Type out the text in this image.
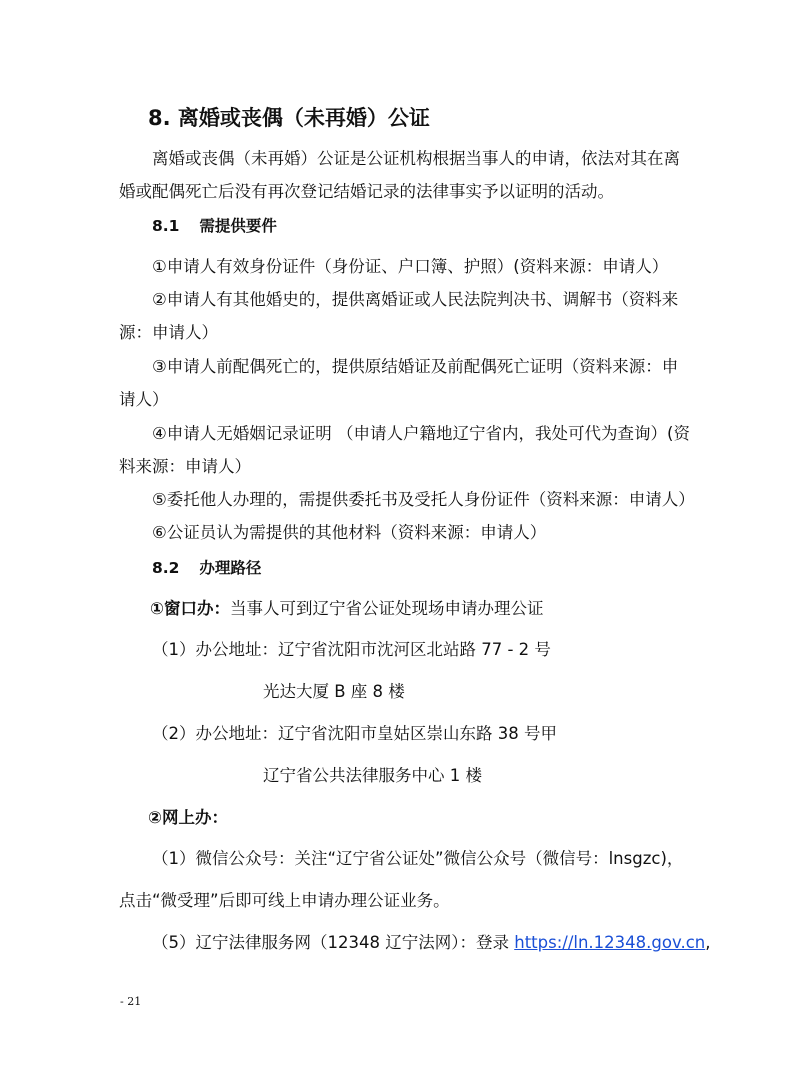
8. 离婚或丧偶（未再婚）公证
离婚或丧偶（未再婚）公证是公证机构根据当事人的申请，依法对其在离
婚或配偶死亡后没有再次登记结婚记录的法律事实予以证明的活动。
8.1 需提供要件
①申请人有效身份证件（身份证、户口簿、护照）(资料来源：申请人）
②申请人有其他婚史的，提供离婚证或人民法院判决书、调解书（资料来
源：申请人）
③申请人前配偶死亡的，提供原结婚证及前配偶死亡证明（资料来源：申
请人）
④申请人无婚姻记录证明 （申请人户籍地辽宁省内，我处可代为查询）(资
料来源：申请人）
⑤委托他人办理的，需提供委托书及受托人身份证件（资料来源：申请人）
⑥公证员认为需提供的其他材料（资料来源：申请人）
8.2 办理路径
①窗口办：当事人可到辽宁省公证处现场申请办理公证
（1）办公地址：辽宁省沈阳市沈河区北站路 77 - 2 号
光达大厦 B 座 8 楼
（2）办公地址：辽宁省沈阳市皇姑区崇山东路 38 号甲
辽宁省公共法律服务中心 1 楼
②网上办：
（1）微信公众号：关注“辽宁省公证处”微信公众号（微信号：lnsgzc)，
点击“微受理”后即可线上申请办理公证业务。
（5）辽宁法律服务网（12348 辽宁法网）：登录 https://ln.12348.gov.cn,
- 21
